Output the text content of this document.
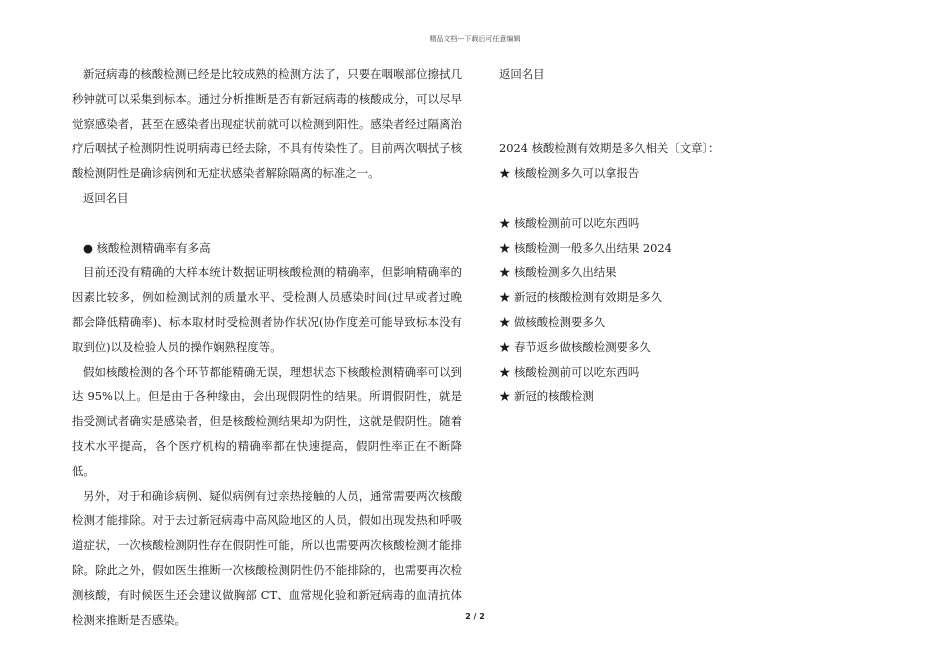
精品文档---下载后可任意编辑

新冠病毒的核酸检测已经是比较成熟的检测方法了，只要在咽喉部位擦拭几秒钟就可以采集到标本。通过分析推断是否有新冠病毒的核酸成分，可以尽早觉察感染者，甚至在感染者出现症状前就可以检测到阳性。感染者经过隔离治疗后咽拭子检测阴性说明病毒已经去除，不具有传染性了。目前两次咽拭子核酸检测阴性是确诊病例和无症状感染者解除隔离的标准之一。

返回名目
● 核酸检测精确率有多高

目前还没有精确的大样本统计数据证明核酸检测的精确率，但影响精确率的因素比较多，例如检测试剂的质量水平、受检测人员感染时间(过早或者过晚都会降低精确率)、标本取材时受检测者协作状况(协作度差可能导致标本没有取到位)以及检验人员的操作娴熟程度等。

假如核酸检测的各个环节都能精确无误，理想状态下核酸检测精确率可以到达 95%以上。但是由于各种缘由，会出现假阴性的结果。所谓假阴性，就是指受测试者确实是感染者，但是核酸检测结果却为阴性，这就是假阴性。随着技术水平提高，各个医疗机构的精确率都在快速提高，假阴性率正在不断降低。

另外，对于和确诊病例、疑似病例有过亲热接触的人员，通常需要两次核酸检测才能排除。对于去过新冠病毒中高风险地区的人员，假如出现发热和呼吸道症状，一次核酸检测阴性存在假阴性可能，所以也需要两次核酸检测才能排除。除此之外，假如医生推断一次核酸检测阴性仍不能排除的，也需要再次检测核酸，有时候医生还会建议做胸部 CT、血常规化验和新冠病毒的血清抗体检测来推断是否感染。

返回名目
2024 核酸检测有效期是多久相关〔文章〕：
★ 核酸检测多久可以拿报告
★ 核酸检测前可以吃东西吗
★ 核酸检测一般多久出结果 2024
★ 核酸检测多久出结果
★ 新冠的核酸检测有效期是多久
★ 做核酸检测要多久
★ 春节返乡做核酸检测要多久
★ 核酸检测前可以吃东西吗
★ 新冠的核酸检测
2 / 2
